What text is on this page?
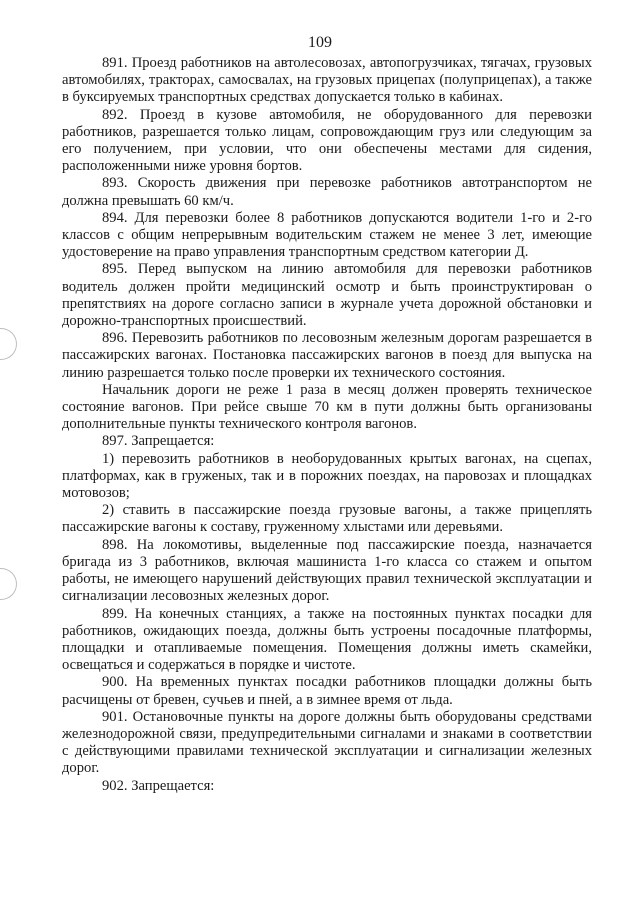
109

891. Проезд работников на автолесовозах, автопогрузчиках, тягачах, грузовых автомобилях, тракторах, самосвалах, на грузовых прицепах (полуприцепах), а также в буксируемых транспортных средствах допускается только в кабинах.

892. Проезд в кузове автомобиля, не оборудованного для перевозки работников, разрешается только лицам, сопровождающим груз или следующим за его получением, при условии, что они обеспечены местами для сидения, расположенными ниже уровня бортов.

893. Скорость движения при перевозке работников автотранспортом не должна превышать 60 км/ч.

894. Для перевозки более 8 работников допускаются водители 1-го и 2-го классов с общим непрерывным водительским стажем не менее 3 лет, имеющие удостоверение на право управления транспортным средством категории Д.

895. Перед выпуском на линию автомобиля для перевозки работников водитель должен пройти медицинский осмотр и быть проинструктирован о препятствиях на дороге согласно записи в журнале учета дорожной обстановки и дорожно-транспортных происшествий.

896. Перевозить работников по лесовозным железным дорогам разрешается в пассажирских вагонах. Постановка пассажирских вагонов в поезд для выпуска на линию разрешается только после проверки их технического состояния.

Начальник дороги не реже 1 раза в месяц должен проверять техническое состояние вагонов. При рейсе свыше 70 км в пути должны быть организованы дополнительные пункты технического контроля вагонов.

897. Запрещается:

1) перевозить работников в необорудованных крытых вагонах, на сцепах, платформах, как в груженых, так и в порожних поездах, на паровозах и площадках мотовозов;

2) ставить в пассажирские поезда грузовые вагоны, а также прицеплять пассажирские вагоны к составу, груженному хлыстами или деревьями.

898. На локомотивы, выделенные под пассажирские поезда, назначается бригада из 3 работников, включая машиниста 1-го класса со стажем и опытом работы, не имеющего нарушений действующих правил технической эксплуатации и сигнализации лесовозных железных дорог.

899. На конечных станциях, а также на постоянных пунктах посадки для работников, ожидающих поезда, должны быть устроены посадочные платформы, площадки и отапливаемые помещения. Помещения должны иметь скамейки, освещаться и содержаться в порядке и чистоте.

900. На временных пунктах посадки работников площадки должны быть расчищены от бревен, сучьев и пней, а в зимнее время от льда.

901. Остановочные пункты на дороге должны быть оборудованы средствами железнодорожной связи, предупредительными сигналами и знаками в соответствии с действующими правилами технической эксплуатации и сигнализации железных дорог.

902. Запрещается:
